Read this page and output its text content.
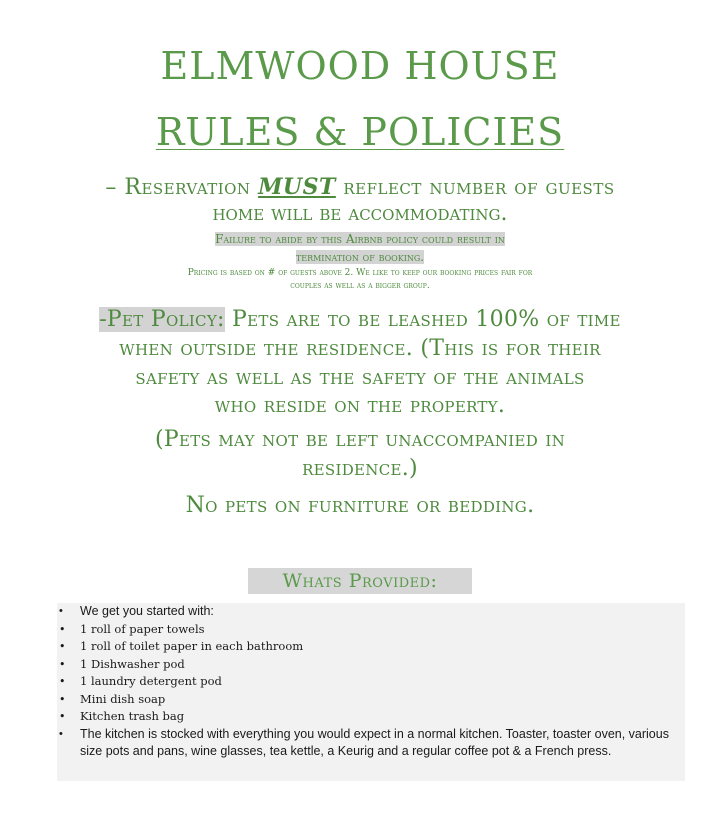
ELMWOOD HOUSE
RULES & POLICIES
– Reservation MUST reflect number of guests
home will be accommodating.
Failure to abide by this Airbnb policy could result in
termination of booking.
Pricing is based on # of guests above 2. We like to keep our booking prices fair for
couples as well as a bigger group.
-Pet Policy: Pets are to be leashed 100% of time
when outside the residence. (This is for their
safety as well as the safety of the animals
who reside on the property.
(Pets may not be left unaccompanied in
residence.)
No pets on furniture or bedding.
Whats Provided:
• We get you started with:
• 1 roll of paper towels
• 1 roll of toilet paper in each bathroom
• 1 Dishwasher pod
• 1 laundry detergent pod
• Mini dish soap
• Kitchen trash bag
• The kitchen is stocked with everything you would expect in a normal kitchen. Toaster, toaster oven, various size pots and pans, wine glasses, tea kettle, a Keurig and a regular coffee pot & a French press.
